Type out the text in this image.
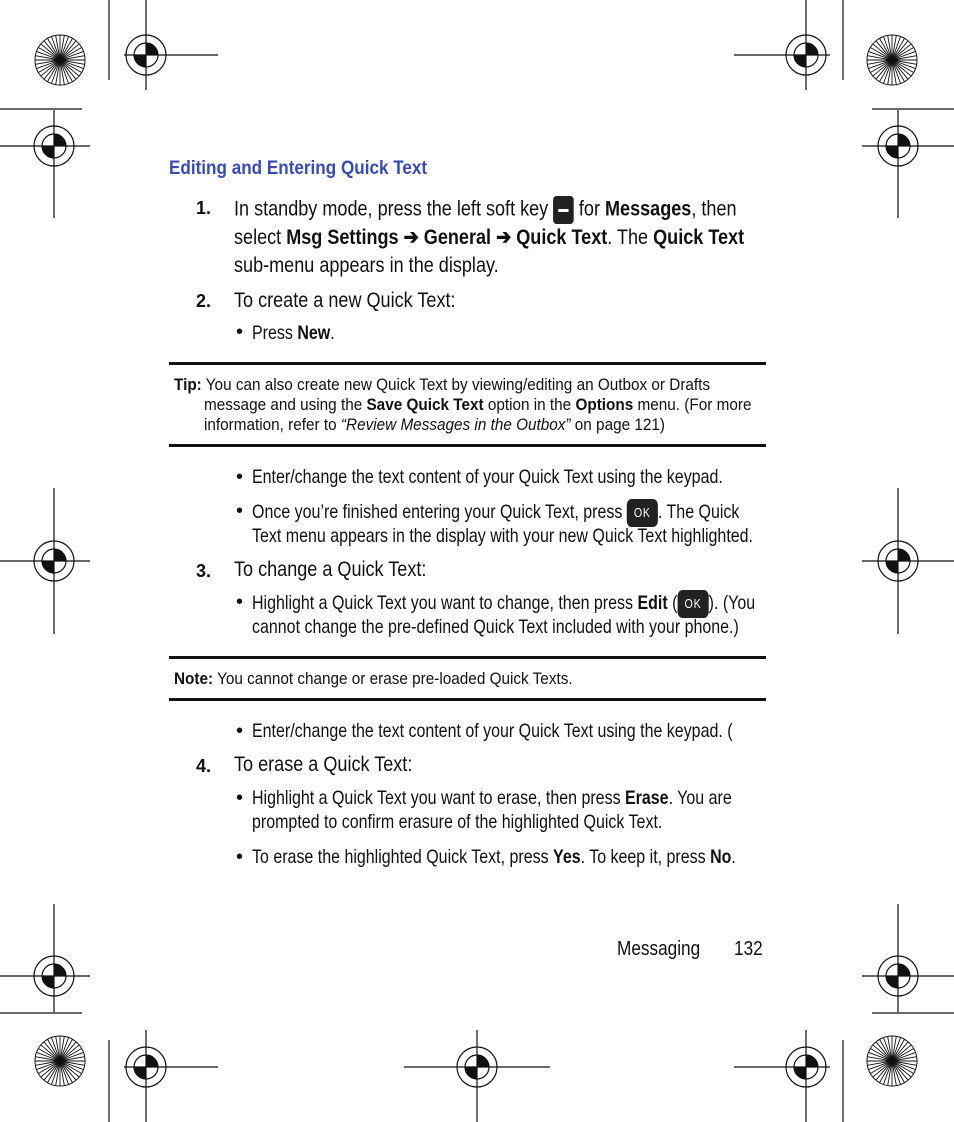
Editing and Entering Quick Text
1. In standby mode, press the left soft key for Messages, then
select Msg Settings ➔ General ➔ Quick Text. The Quick Text
sub-menu appears in the display.
2. To create a new Quick Text:
• Press New.
Tip: You can also create new Quick Text by viewing/editing an Outbox or Drafts
message and using the Save Quick Text option in the Options menu. (For more
information, refer to “Review Messages in the Outbox” on page 121)
• Enter/change the text content of your Quick Text using the keypad.
• Once you’re finished entering your Quick Text, press OK . The Quick
Text menu appears in the display with your new Quick Text highlighted.
3. To change a Quick Text:
• Highlight a Quick Text you want to change, then press Edit ( OK ). (You
cannot change the pre-defined Quick Text included with your phone.)
Note: You cannot change or erase pre-loaded Quick Texts.
• Enter/change the text content of your Quick Text using the keypad. (
4. To erase a Quick Text:
• Highlight a Quick Text you want to erase, then press Erase. You are
prompted to confirm erasure of the highlighted Quick Text.
• To erase the highlighted Quick Text, press Yes. To keep it, press No.
Messaging 132
